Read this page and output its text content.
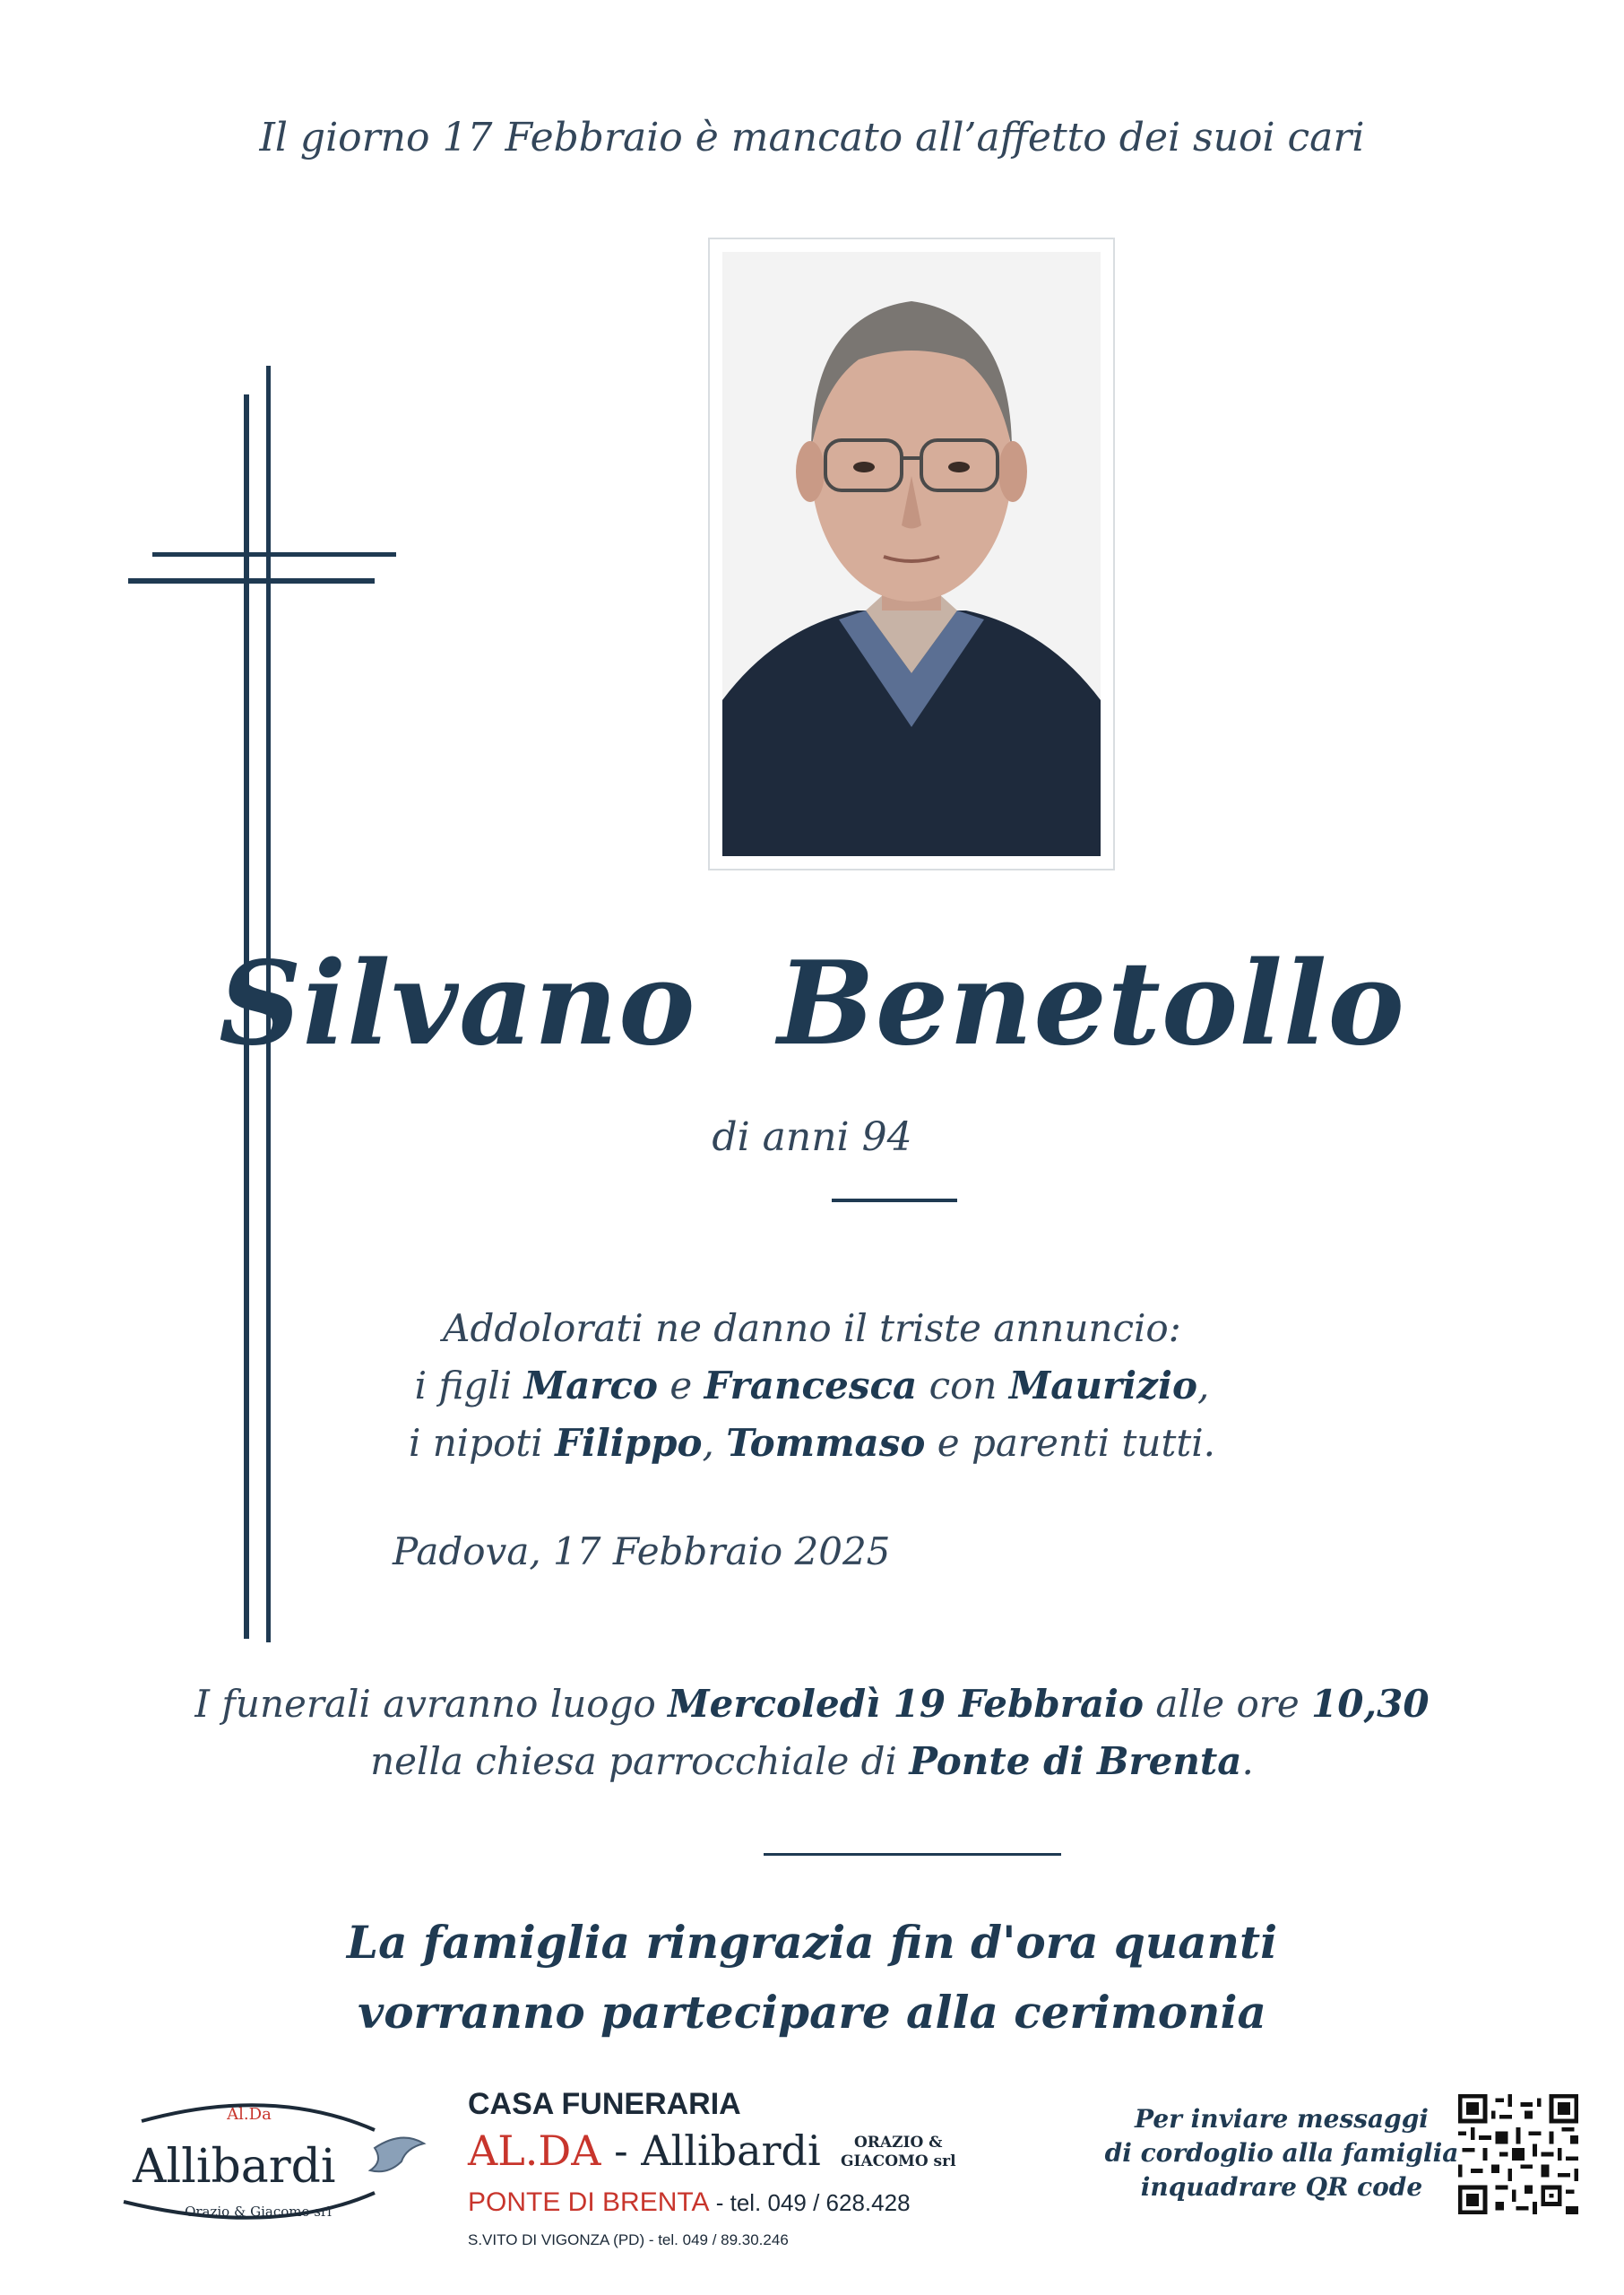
Il giorno 17 Febbraio è mancato all’affetto dei suoi cari
Silvano  Benetollo
di anni 94
Addolorati ne danno il triste annuncio:
i figli Marco e Francesca con Maurizio,
i nipoti Filippo, Tommaso e parenti tutti.
Padova, 17 Febbraio 2025
I funerali avranno luogo Mercoledì 19 Febbraio alle ore 10,30
nella chiesa parrocchiale di Ponte di Brenta.
La famiglia ringrazia fin d'ora quanti
vorranno partecipare alla cerimonia
Al.Da
Allibardi
Orazio & Giacomo srl
CASA FUNERARIA
AL.DA - Allibardi	ORAZIO &
GIACOMO srl
PONTE DI BRENTA - tel. 049 / 628.428
S.VITO DI VIGONZA (PD) - tel. 049 / 89.30.246
Per inviare messaggi
di cordoglio alla famiglia
inquadrare QR code
